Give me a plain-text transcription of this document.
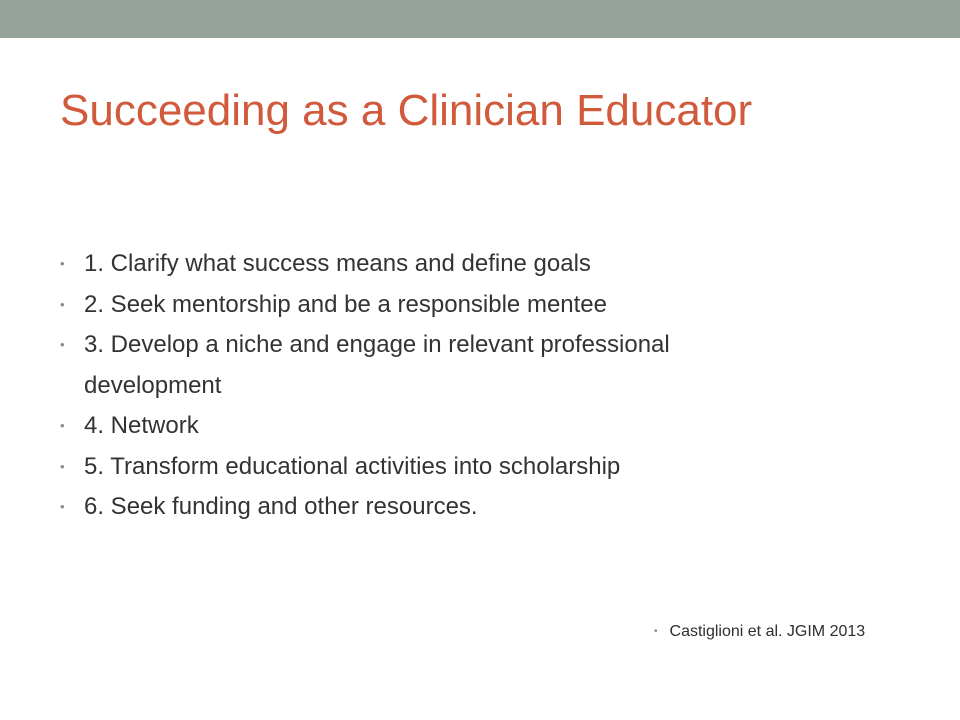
Succeeding as a Clinician Educator
• 1. Clarify what success means and define goals
• 2. Seek mentorship and be a responsible mentee
• 3. Develop a niche and engage in relevant professional development
• 4. Network
• 5. Transform educational activities into scholarship
• 6. Seek funding and other resources.
• Castiglioni et al. JGIM 2013
